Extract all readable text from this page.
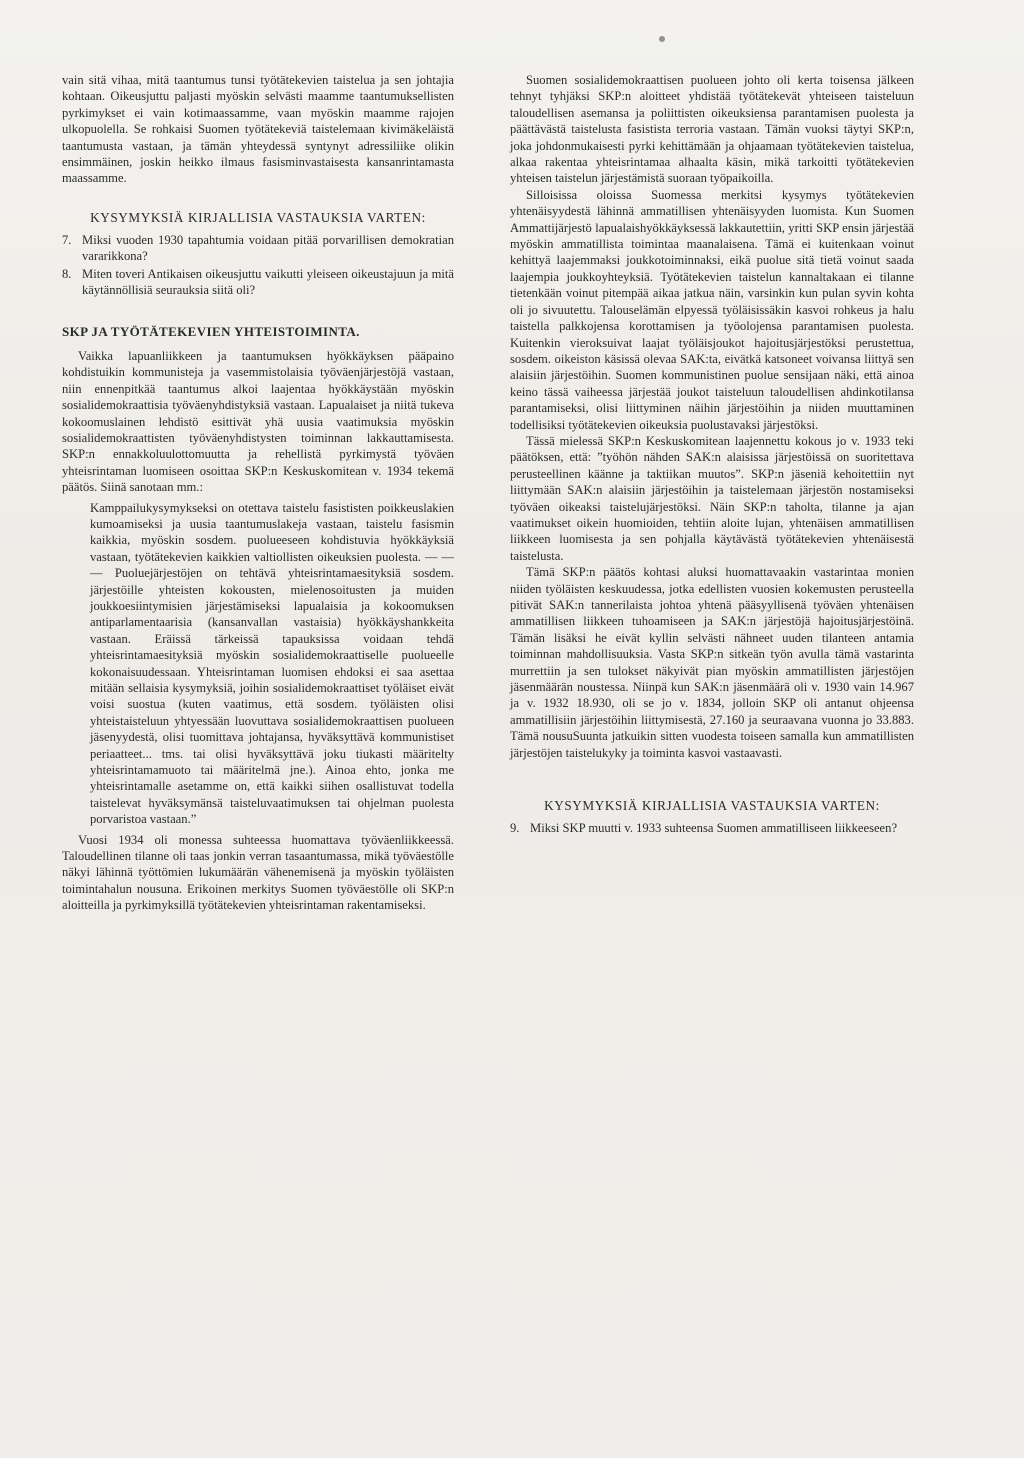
vain sitä vihaa, mitä taantumus tunsi työtätekevien taistelua ja sen johtajia kohtaan. Oikeusjuttu paljasti myöskin selvästi maamme taantumuksellisten pyrkimykset ei vain kotimaassamme, vaan myöskin maamme rajojen ulkopuolella. Se rohkaisi Suomen työtätekeviä taistelemaan kivimäkeläistä taantumusta vastaan, ja tämän yhteydessä syntynyt adressiliike olikin ensimmäinen, joskin heikko ilmaus fasisminvastaisesta kansanrintamasta maassamme.

KYSYMYKSIÄ KIRJALLISIA VASTAUKSIA VARTEN:
7. Miksi vuoden 1930 tapahtumia voidaan pitää porvarillisen demokratian vararikkona?
8. Miten toveri Antikaisen oikeusjuttu vaikutti yleiseen oikeustajuun ja mitä käytännöllisiä seurauksia siitä oli?
SKP JA TYÖTÄTEKEVIEN YHTEISTOIMINTA.

Vaikka lapuanliikkeen ja taantumuksen hyökkäyksen pääpaino kohdistuikin kommunisteja ja vasemmistolaisia työväenjärjestöjä vastaan, niin ennenpitkää taantumus alkoi laajentaa hyökkäystään myöskin sosialidemokraattisia työväenyhdistyksiä vastaan. Lapualaiset ja niitä tukeva kokoomuslainen lehdistö esittivät yhä uusia vaatimuksia myöskin sosialidemokraattisten työväenyhdistysten toiminnan lakkauttamisesta. SKP:n ennakkoluulottomuutta ja rehellistä pyrkimystä työväen yhteisrintaman luomiseen osoittaa SKP:n Keskuskomitean v. 1934 tekemä päätös. Siinä sanotaan mm.:

Kamppailukysymykseksi on otettava taistelu fasististen poikkeuslakien kumoamiseksi ja uusia taantumuslakeja vastaan, taistelu fasismin kaikkia, myöskin sosdem. puolueeseen kohdistuvia hyökkäyksiä vastaan, työtätekevien kaikkien valtiollisten oikeuksien puolesta. — — — Puoluejärjestöjen on tehtävä yhteisrintamaesityksiä sosdem. järjestöille yhteisten kokousten, mielenosoitusten ja muiden joukkoesiintymisien järjestämiseksi lapualaisia ja kokoomuksen antiparlamentaarisia (kansanvallan vastaisia) hyökkäyshankkeita vastaan. Eräissä tärkeissä tapauksissa voidaan tehdä yhteisrintamaesityksiä myöskin sosialidemokraattiselle puolueelle kokonaisuudessaan. Yhteisrintaman luomisen ehdoksi ei saa asettaa mitään sellaisia kysymyksiä, joihin sosialidemokraattiset työläiset eivät voisi suostua (kuten vaatimus, että sosdem. työläisten olisi yhteistaisteluun yhtyessään luovuttava sosialidemokraattisen puolueen jäsenyydestä, olisi tuomittava johtajansa, hyväksyttävä kommunistiset periaatteet... tms. tai olisi hyväksyttävä joku tiukasti määritelty yhteisrintamamuoto tai määritelmä jne.). Ainoa ehto, jonka me yhteisrintamalle asetamme on, että kaikki siihen osallistuvat todella taistelevat hyväksymänsä taisteluvaatimuksen tai ohjelman puolesta porvaristoa vastaan.”

Vuosi 1934 oli monessa suhteessa huomattava työväenliikkeessä. Taloudellinen tilanne oli taas jonkin verran tasaantumassa, mikä työväestölle näkyi lähinnä työttömien lukumäärän vähenemisenä ja myöskin työläisten toimintahalun nousuna. Erikoinen merkitys Suomen työväestölle oli SKP:n aloitteilla ja pyrkimyksillä työtätekevien yhteisrintaman rakentamiseksi.

Suomen sosialidemokraattisen puolueen johto oli kerta toisensa jälkeen tehnyt tyhjäksi SKP:n aloitteet yhdistää työtätekevät yhteiseen taisteluun taloudellisen asemansa ja poliittisten oikeuksiensa parantamisen puolesta ja päättävästä taistelusta fasistista terroria vastaan. Tämän vuoksi täytyi SKP:n, joka johdonmukaisesti pyrki kehittämään ja ohjaamaan työtätekevien taistelua, alkaa rakentaa yhteisrintamaa alhaalta käsin, mikä tarkoitti työtätekevien yhteisen taistelun järjestämistä suoraan työpaikoilla.

Silloisissa oloissa Suomessa merkitsi kysymys työtätekevien yhtenäisyydestä lähinnä ammatillisen yhtenäisyyden luomista. Kun Suomen Ammattijärjestö lapualaishyökkäyksessä lakkautettiin, yritti SKP ensin järjestää myöskin ammatillista toimintaa maanalaisena. Tämä ei kuitenkaan voinut kehittyä laajemmaksi joukkotoiminnaksi, eikä puolue sitä tietä voinut saada laajempia joukkoyhteyksiä. Työtätekevien taistelun kannaltakaan ei tilanne tietenkään voinut pitempää aikaa jatkua näin, varsinkin kun pulan syvin kohta oli jo sivuutettu. Talouselämän elpyessä työläisissäkin kasvoi rohkeus ja halu taistella palkkojensa korottamisen ja työolojensa parantamisen puolesta. Kuitenkin vieroksuivat laajat työläisjoukot hajoitusjärjestöksi perustettua, sosdem. oikeiston käsissä olevaa SAK:ta, eivätkä katsoneet voivansa liittyä sen alaisiin järjestöihin. Suomen kommunistinen puolue sensijaan näki, että ainoa keino tässä vaiheessa järjestää joukot taisteluun taloudellisen ahdinkotilansa parantamiseksi, olisi liittyminen näihin järjestöihin ja niiden muuttaminen todellisiksi työtätekevien oikeuksia puolustavaksi järjestöksi.

Tässä mielessä SKP:n Keskuskomitean laajennettu kokous jo v. 1933 teki päätöksen, että: ”työhön nähden SAK:n alaisissa järjestöissä on suoritettava perusteellinen käänne ja taktiikan muutos”. SKP:n jäseniä kehoitettiin nyt liittymään SAK:n alaisiin järjestöihin ja taistelemaan järjestön nostamiseksi työväen oikeaksi taistelujärjestöksi. Näin SKP:n taholta, tilanne ja ajan vaatimukset oikein huomioiden, tehtiin aloite lujan, yhtenäisen ammatillisen liikkeen luomisesta ja sen pohjalla käytävästä työtätekevien yhtenäisestä taistelusta.

Tämä SKP:n päätös kohtasi aluksi huomattavaakin vastarintaa monien niiden työläisten keskuudessa, jotka edellisten vuosien kokemusten perusteella pitivät SAK:n tannerilaista johtoa yhtenä pääsyyllisenä työväen yhtenäisen ammatillisen liikkeen tuhoamiseen ja SAK:n järjestöjä hajoitusjärjestöinä. Tämän lisäksi he eivät kyllin selvästi nähneet uuden tilanteen antamia toiminnan mahdollisuuksia. Vasta SKP:n sitkeän työn avulla tämä vastarinta murrettiin ja sen tulokset näkyivät pian myöskin ammatillisten järjestöjen jäsenmäärän noustessa. Niinpä kun SAK:n jäsenmäärä oli v. 1930 vain 14.967 ja v. 1932 18.930, oli se jo v. 1834, jolloin SKP oli antanut ohjeensa ammatillisiin järjestöihin liittymisestä, 27.160 ja seuraavana vuonna jo 33.883. Tämä nousuSuunta jatkuikin sitten vuodesta toiseen samalla kun ammatillisten järjestöjen taistelukyky ja toiminta kasvoi vastaavasti.

KYSYMYKSIÄ KIRJALLISIA VASTAUKSIA VARTEN:
9. Miksi SKP muutti v. 1933 suhteensa Suomen ammatilliseen liikkeeseen?
